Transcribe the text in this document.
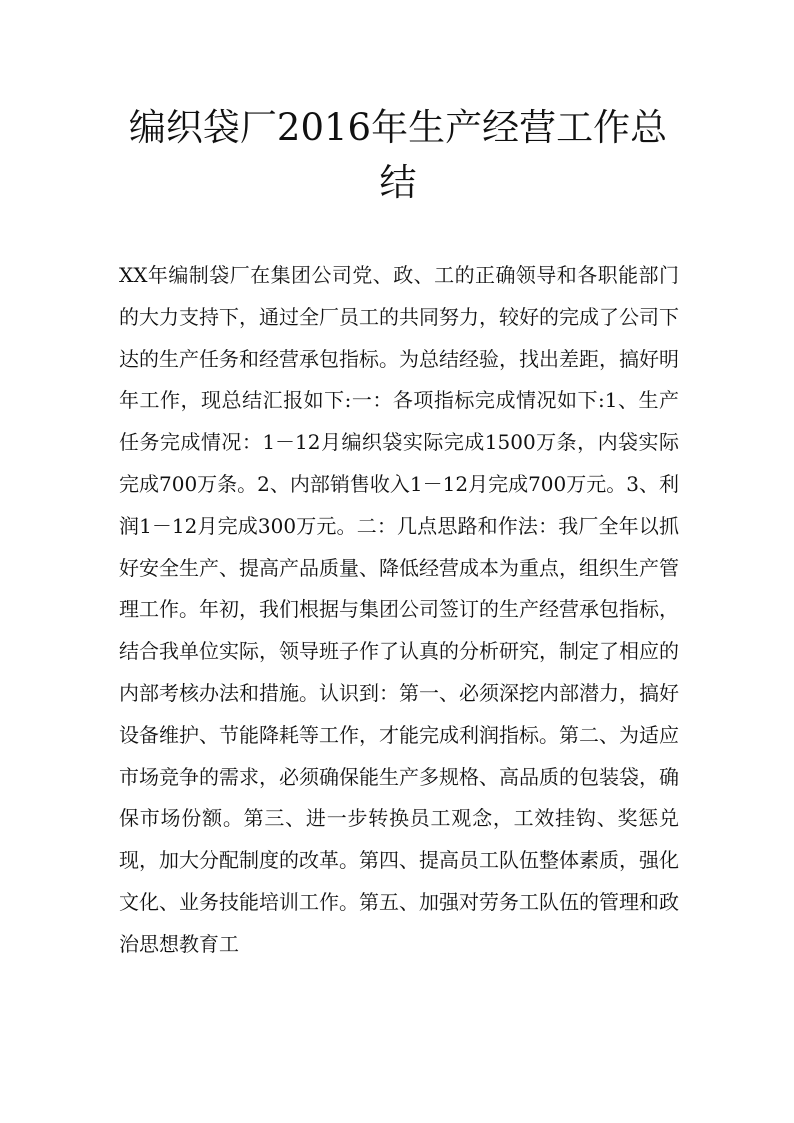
编织袋厂2016年生产经营工作总结

XX年编制袋厂在集团公司党、政、工的正确领导和各职能部门的大力支持下，通过全厂员工的共同努力，较好的完成了公司下达的生产任务和经营承包指标。为总结经验，找出差距，搞好明年工作，现总结汇报如下:一：各项指标完成情况如下:1、生产任务完成情况：1－12月编织袋实际完成1500万条，内袋实际完成700万条。2、内部销售收入1－12月完成700万元。3、利润1－12月完成300万元。二：几点思路和作法：我厂全年以抓好安全生产、提高产品质量、降低经营成本为重点，组织生产管理工作。年初，我们根据与集团公司签订的生产经营承包指标，结合我单位实际，领导班子作了认真的分析研究，制定了相应的内部考核办法和措施。认识到：第一、必须深挖内部潜力，搞好设备维护、节能降耗等工作，才能完成利润指标。第二、为适应市场竞争的需求，必须确保能生产多规格、高品质的包装袋，确保市场份额。第三、进一步转换员工观念，工效挂钩、奖惩兑现，加大分配制度的改革。第四、提高员工队伍整体素质，强化文化、业务技能培训工作。第五、加强对劳务工队伍的管理和政治思想教育工
